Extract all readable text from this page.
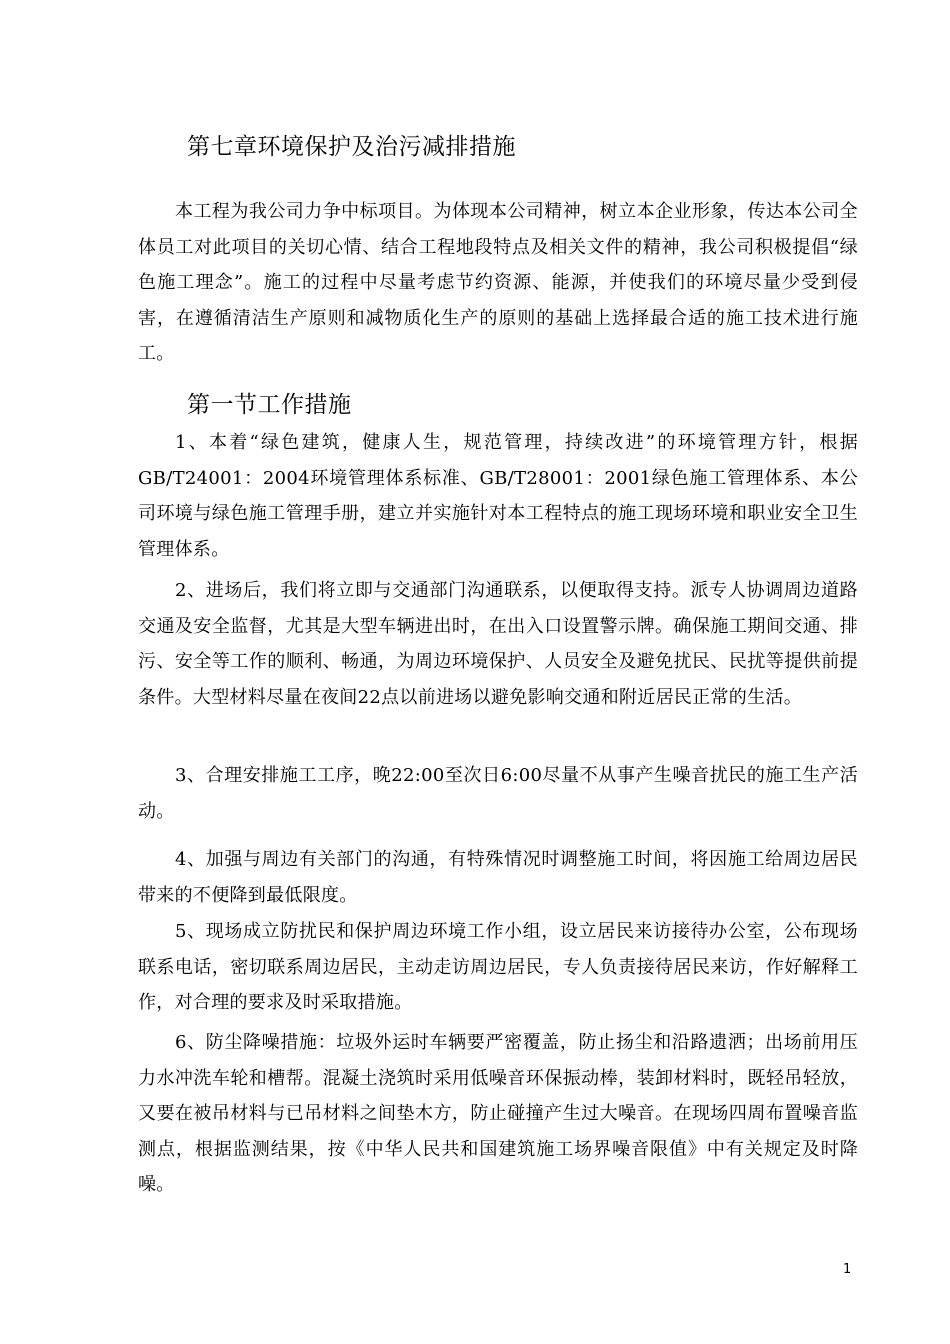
第七章环境保护及治污减排措施

本工程为我公司力争中标项目。为体现本公司精神，树立本企业形象，传达本公司全体员工对此项目的关切心情、结合工程地段特点及相关文件的精神，我公司积极提倡“绿色施工理念”。施工的过程中尽量考虑节约资源、能源，并使我们的环境尽量少受到侵害，在遵循清洁生产原则和减物质化生产的原则的基础上选择最合适的施工技术进行施工。

第一节工作措施

1、本着“绿色建筑，健康人生，规范管理，持续改进”的环境管理方针，根据GB/T24001：2004环境管理体系标准、GB/T28001：2001绿色施工管理体系、本公司环境与绿色施工管理手册，建立并实施针对本工程特点的施工现场环境和职业安全卫生管理体系。

2、进场后，我们将立即与交通部门沟通联系，以便取得支持。派专人协调周边道路交通及安全监督，尤其是大型车辆进出时，在出入口设置警示牌。确保施工期间交通、排污、安全等工作的顺利、畅通，为周边环境保护、人员安全及避免扰民、民扰等提供前提条件。大型材料尽量在夜间22点以前进场以避免影响交通和附近居民正常的生活。

3、合理安排施工工序，晚22:00至次日6:00尽量不从事产生噪音扰民的施工生产活动。

4、加强与周边有关部门的沟通，有特殊情况时调整施工时间，将因施工给周边居民带来的不便降到最低限度。

5、现场成立防扰民和保护周边环境工作小组，设立居民来访接待办公室，公布现场联系电话，密切联系周边居民，主动走访周边居民，专人负责接待居民来访，作好解释工作，对合理的要求及时采取措施。

6、防尘降噪措施：垃圾外运时车辆要严密覆盖，防止扬尘和沿路遗洒；出场前用压力水冲洗车轮和槽帮。混凝土浇筑时采用低噪音环保振动棒，装卸材料时，既轻吊轻放，又要在被吊材料与已吊材料之间垫木方，防止碰撞产生过大噪音。在现场四周布置噪音监测点，根据监测结果，按《中华人民共和国建筑施工场界噪音限值》中有关规定及时降噪。

1
